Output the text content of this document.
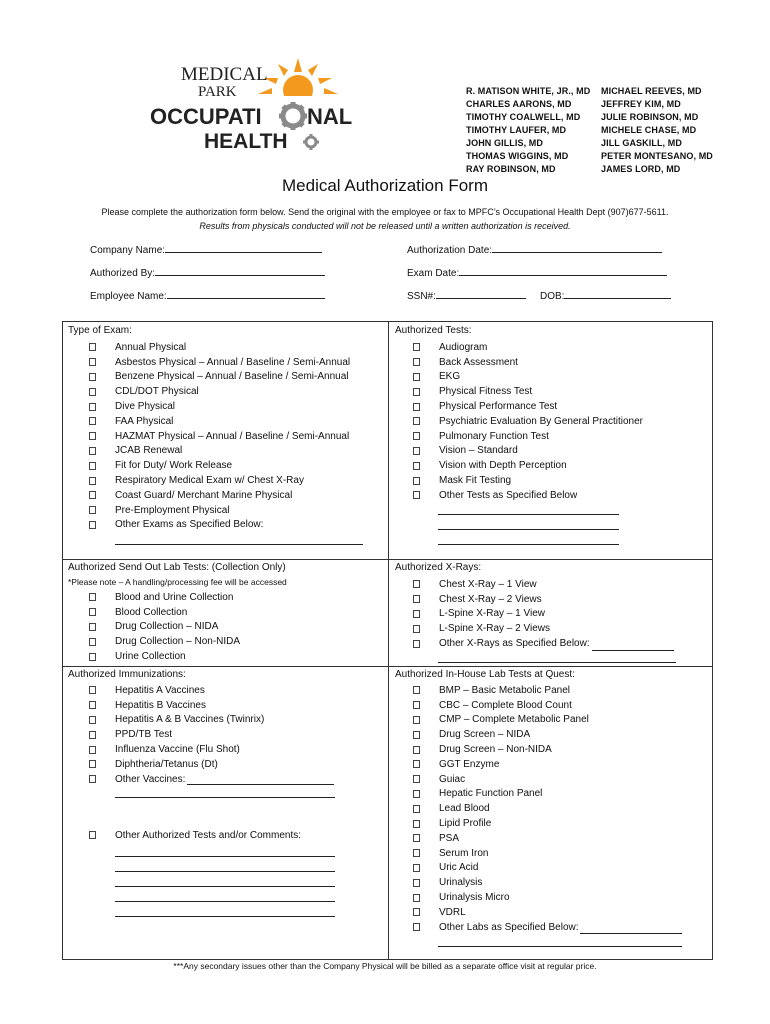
MEDICAL
PARK
OCCUPATI NAL
HEALTH
R. MATISON WHITE, JR., MD
CHARLES AARONS, MD
TIMOTHY COALWELL, MD
TIMOTHY LAUFER, MD
JOHN GILLIS, MD
THOMAS WIGGINS, MD
RAY ROBINSON, MD
MICHAEL REEVES, MD
JEFFREY KIM, MD
JULIE ROBINSON, MD
MICHELE CHASE, MD
JILL GASKILL, MD
PETER MONTESANO, MD
JAMES LORD, MD
Medical Authorization Form
Please complete the authorization form below. Send the original with the employee or fax to MPFC’s Occupational Health Dept (907)677-5611.
Results from physicals conducted will not be released until a written authorization is received.
Company Name:	Authorization Date:
Authorized By:	Exam Date:
Employee Name:	SSN#:	DOB:
Type of Exam:
Annual Physical
Asbestos Physical – Annual / Baseline / Semi-Annual
Benzene Physical – Annual / Baseline / Semi-Annual
CDL/DOT Physical
Dive Physical
FAA Physical
HAZMAT Physical – Annual / Baseline / Semi-Annual
JCAB Renewal
Fit for Duty/ Work Release
Respiratory Medical Exam w/ Chest X-Ray
Coast Guard/ Merchant Marine Physical
Pre-Employment Physical
Other Exams as Specified Below:
Authorized Tests:
Audiogram
Back Assessment
EKG
Physical Fitness Test
Physical Performance Test
Psychiatric Evaluation By General Practitioner
Pulmonary Function Test
Vision – Standard
Vision with Depth Perception
Mask Fit Testing
Other Tests as Specified Below
Authorized Send Out Lab Tests: (Collection Only)
*Please note – A handling/processing fee will be accessed
Blood and Urine Collection
Blood Collection
Drug Collection – NIDA
Drug Collection – Non-NIDA
Urine Collection
Authorized X-Rays:
Chest X-Ray – 1 View
Chest X-Ray – 2 Views
L-Spine X-Ray – 1 View
L-Spine X-Ray – 2 Views
Other X-Rays as Specified Below:
Authorized Immunizations:
Hepatitis A Vaccines
Hepatitis B Vaccines
Hepatitis A & B Vaccines (Twinrix)
PPD/TB Test
Influenza Vaccine (Flu Shot)
Diphtheria/Tetanus (Dt)
Other Vaccines:
Other Authorized Tests and/or Comments:
Authorized In-House Lab Tests at Quest:
BMP – Basic Metabolic Panel
CBC – Complete Blood Count
CMP – Complete Metabolic Panel
Drug Screen – NIDA
Drug Screen – Non-NIDA
GGT Enzyme
Guiac
Hepatic Function Panel
Lead Blood
Lipid Profile
PSA
Serum Iron
Uric Acid
Urinalysis
Urinalysis Micro
VDRL
Other Labs as Specified Below:
***Any secondary issues other than the Company Physical will be billed as a separate office visit at regular price.
